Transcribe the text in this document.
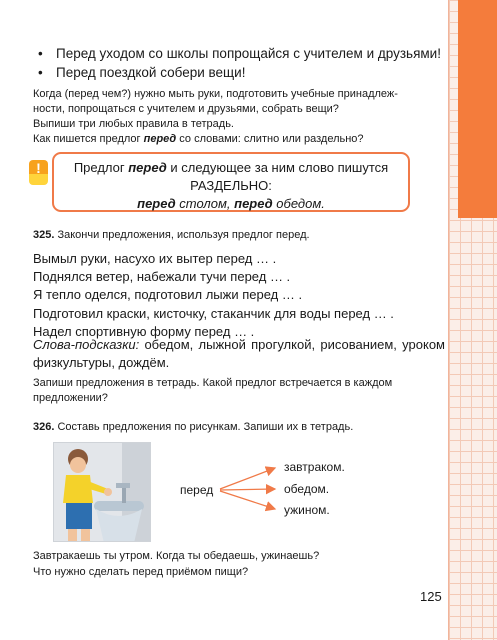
• Перед уходом со школы попрощайся с учителем и друзьями!
• Перед поездкой собери вещи!
Когда (перед чем?) нужно мыть руки, подготовить учебные принадлеж-
ности, попрощаться с учителем и друзьями, собрать вещи?
Выпиши три любых правила в тетрадь.
Как пишется предлог перед со словами: слитно или раздельно?
!	Предлог перед и следующее за ним слово пишутся
РАЗДЕЛЬНО:
перед столом, перед обедом.
325. Закончи предложения, используя предлог перед.
Вымыл руки, насухо их вытер перед … .
Поднялся ветер, набежали тучи перед … .
Я тепло оделся, подготовил лыжи перед … .
Подготовил краски, кисточку, стаканчик для воды перед … .
Надел спортивную форму перед … .
Слова-подсказки: обедом, лыжной прогулкой, рисованием, уроком физкультуры, дождём.
Запиши предложения в тетрадь. Какой предлог встречается в каждом предложении?
326. Составь предложения по рисункам. Запиши их в тетрадь.
перед
завтраком.
обедом.
ужином.
Завтракаешь ты утром. Когда ты обедаешь, ужинаешь?
Что нужно сделать перед приёмом пищи?
125
